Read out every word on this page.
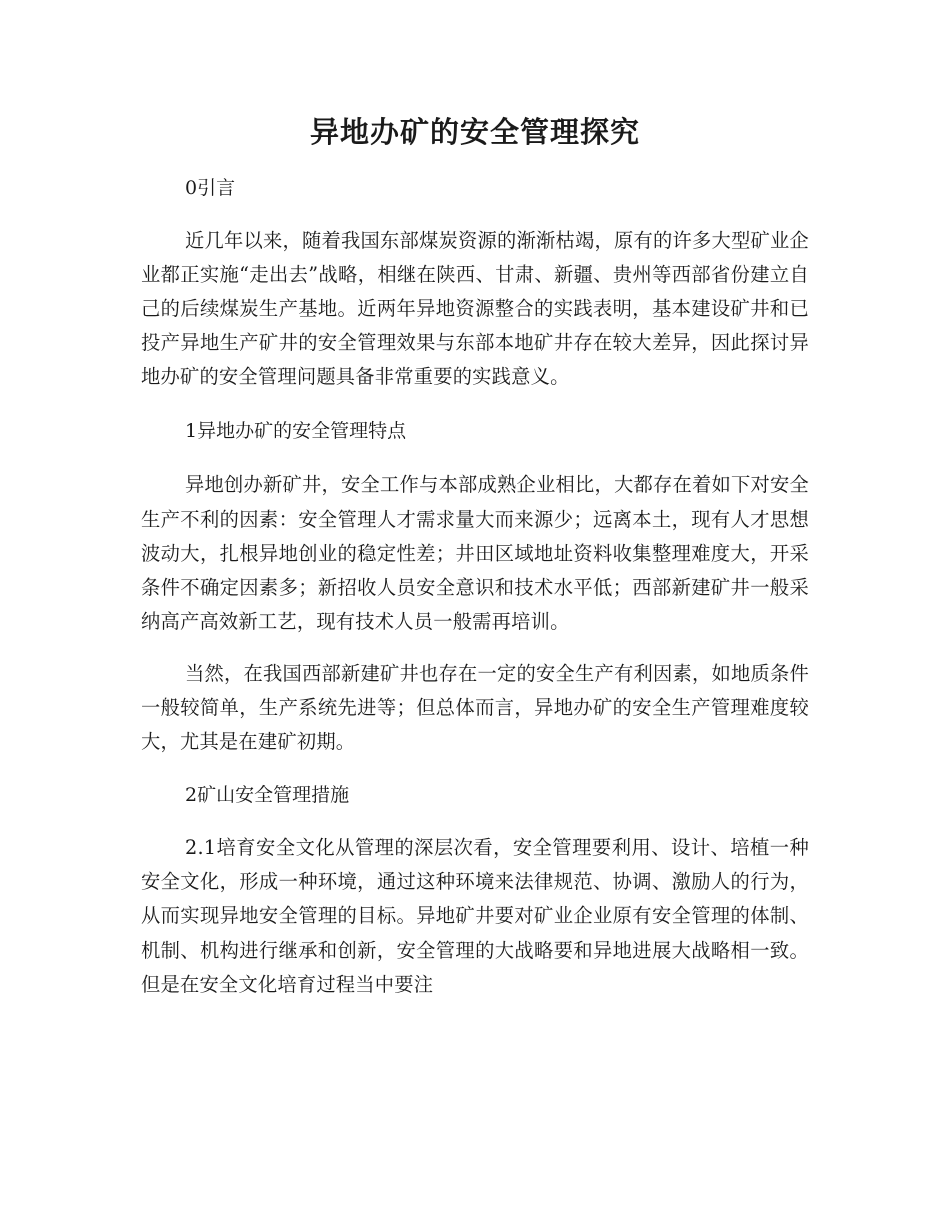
异地办矿的安全管理探究

0引言

近几年以来，随着我国东部煤炭资源的渐渐枯竭，原有的许多大型矿业企业都正实施“走出去”战略，相继在陕西、甘肃、新疆、贵州等西部省份建立自己的后续煤炭生产基地。近两年异地资源整合的实践表明，基本建设矿井和已投产异地生产矿井的安全管理效果与东部本地矿井存在较大差异，因此探讨异地办矿的安全管理问题具备非常重要的实践意义。

1异地办矿的安全管理特点

异地创办新矿井，安全工作与本部成熟企业相比，大都存在着如下对安全生产不利的因素：安全管理人才需求量大而来源少；远离本土，现有人才思想波动大，扎根异地创业的稳定性差；井田区域地址资料收集整理难度大，开采条件不确定因素多；新招收人员安全意识和技术水平低；西部新建矿井一般采纳高产高效新工艺，现有技术人员一般需再培训。

当然，在我国西部新建矿井也存在一定的安全生产有利因素，如地质条件一般较简单，生产系统先进等；但总体而言，异地办矿的安全生产管理难度较大，尤其是在建矿初期。

2矿山安全管理措施

2.1培育安全文化从管理的深层次看，安全管理要利用、设计、培植一种安全文化，形成一种环境，通过这种环境来法律规范、协调、激励人的行为，从而实现异地安全管理的目标。异地矿井要对矿业企业原有安全管理的体制、机制、机构进行继承和创新，安全管理的大战略要和异地进展大战略相一致。但是在安全文化培育过程当中要注
